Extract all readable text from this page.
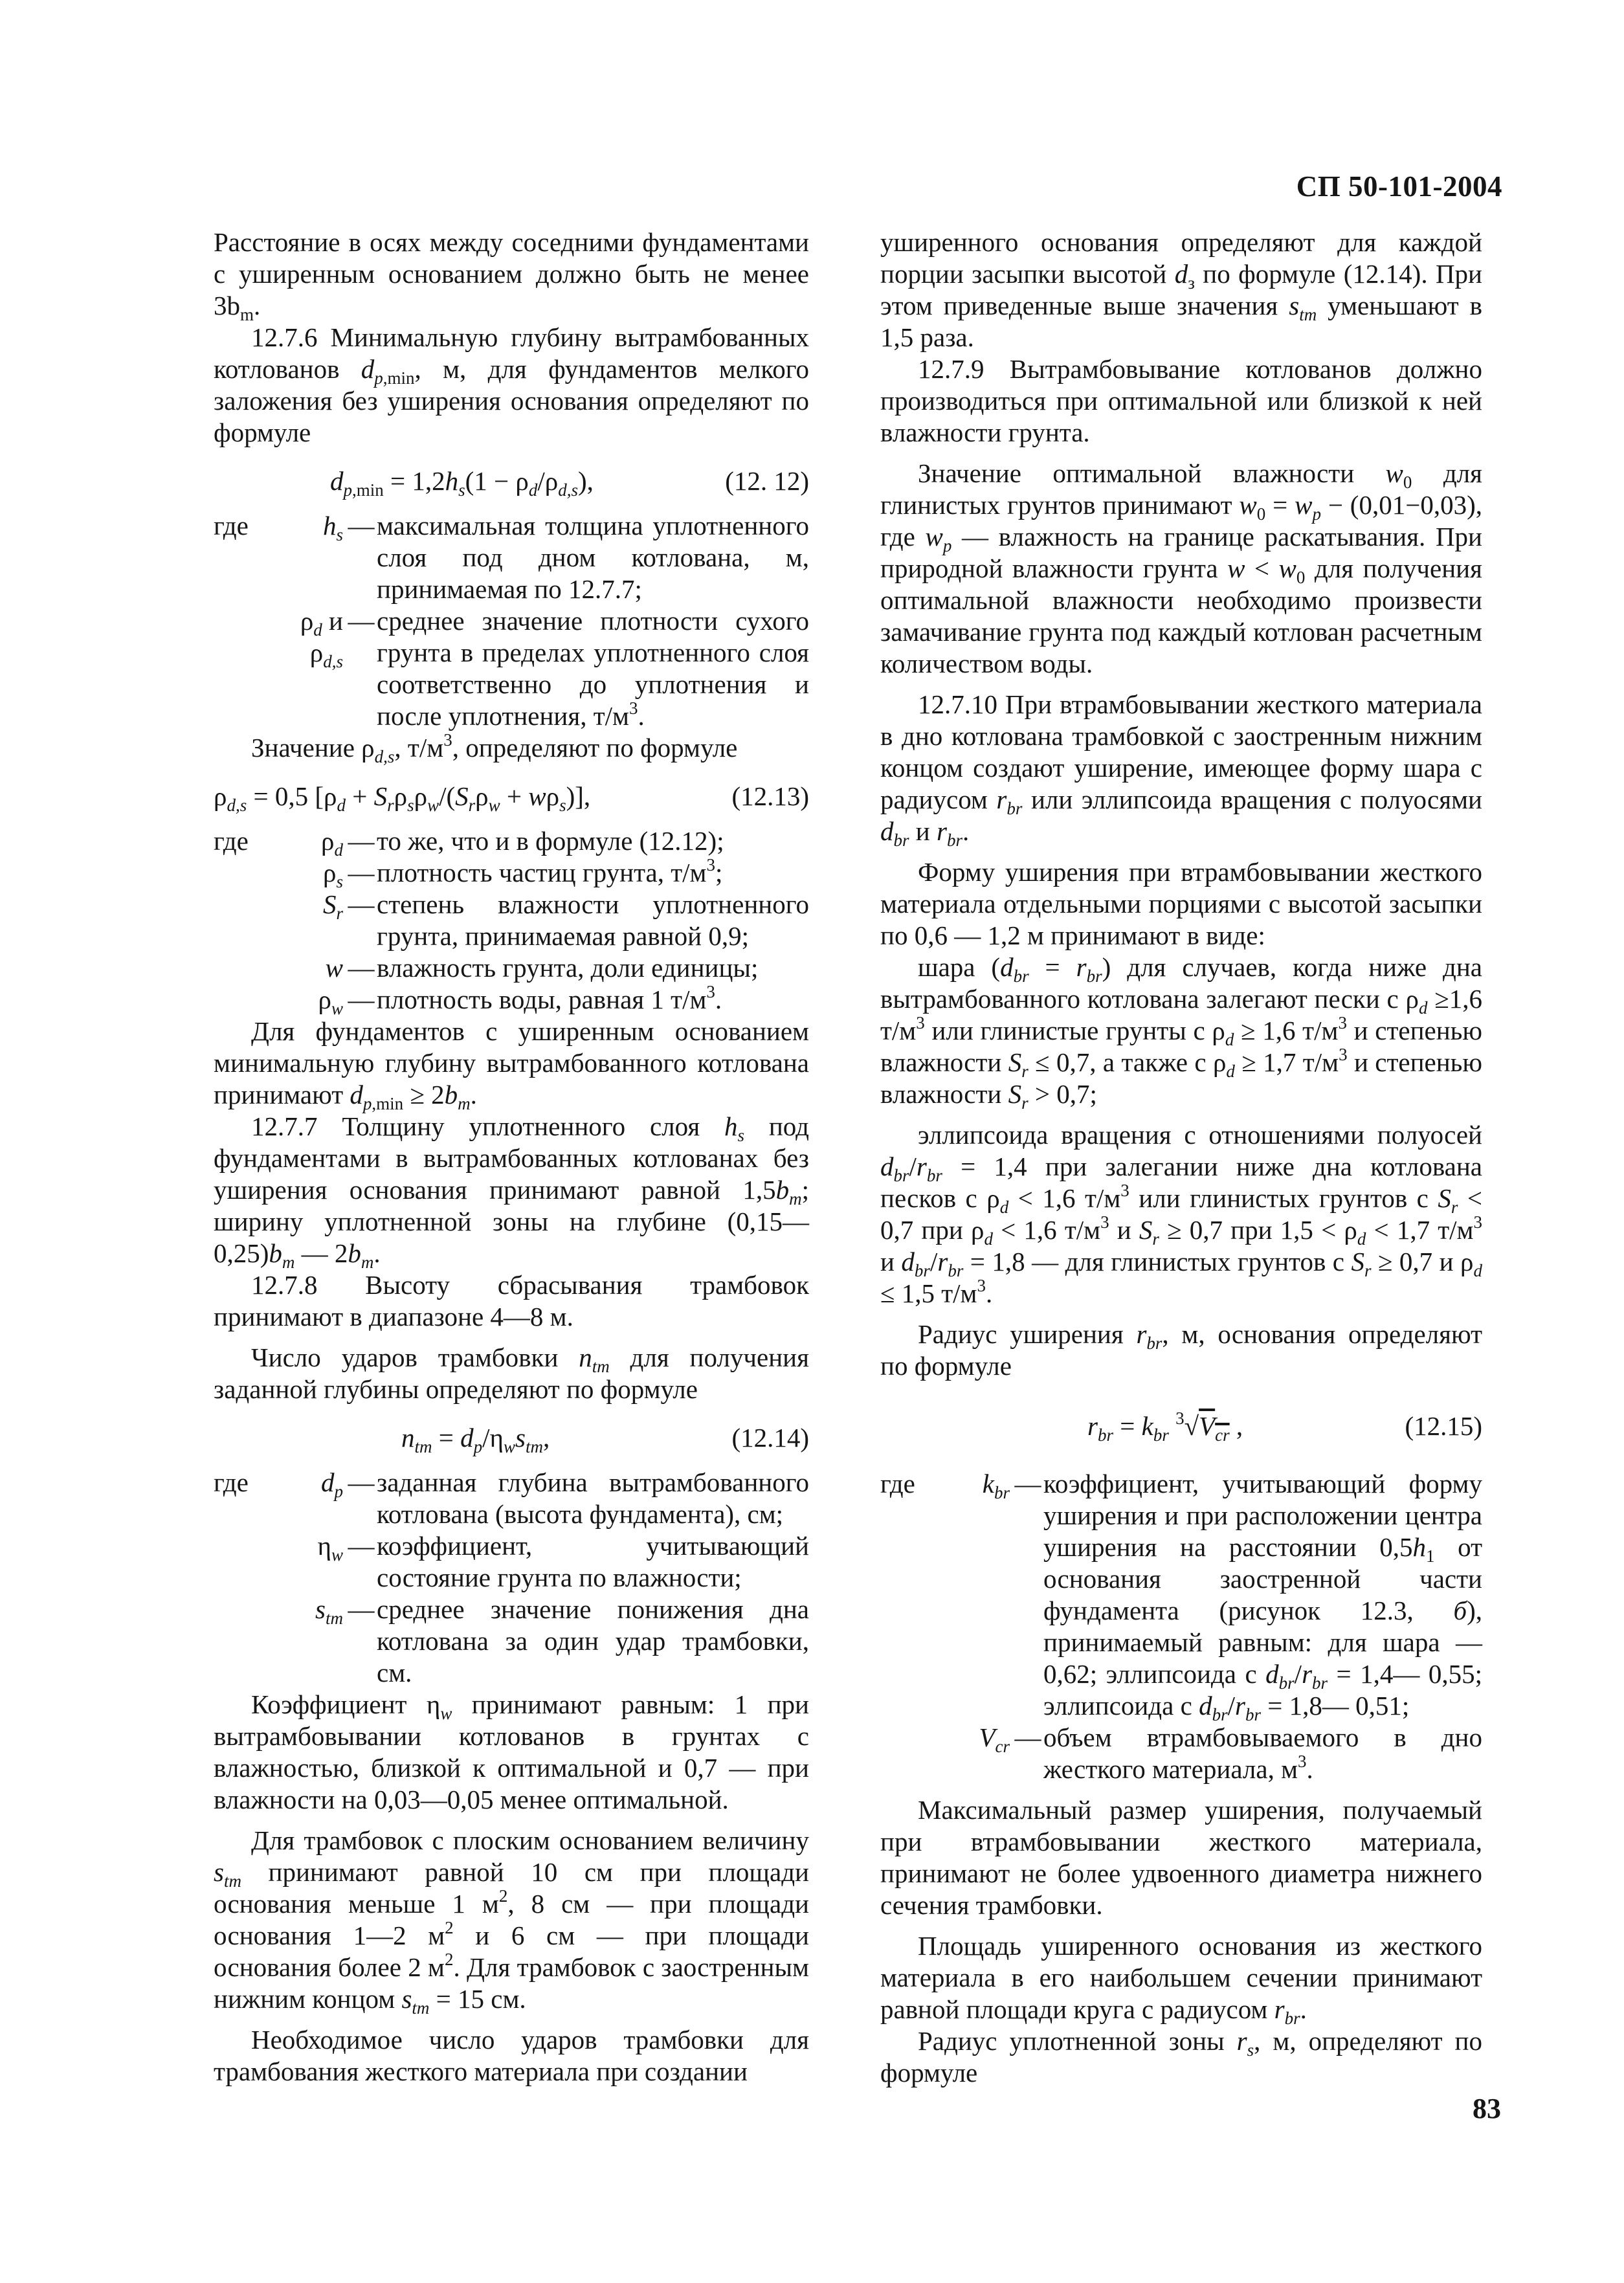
СП 50-101-2004

Расстояние в осях между соседними фундаментами с уширенным основанием должно быть не менее $3b_m$.

12.7.6 Минимальную глубину вытрамбованных котлованов $d_{p,min}$, м, для фундаментов мелкого заложения без уширения основания определяют по формуле

$d_{p,min} = 1,2h_s(1 - \rho_d/\rho_{d,s})$,	(12. 12)
где	$h_s$ — максимальная толщина уплотненного слоя под дном котлована, м, принимаемая по 12.7.7;
$\rho_d$ и $\rho_{d,s}$
— среднее значение плотности сухого грунта в пределах уплотненного слоя соответственно до уплотнения и после уплотнения, $т/м^3$.

Значение $\rho_{d,s}$, $т/м^3$, определяют по формуле

$\rho_{d,s} = 0,5$ $[\rho_d + S_r\rho_s\rho_w/(S_r\rho_w + w\rho_s)]$,	(12.13)
где	$\rho_d$ — то же, что и в формуле (12.12);
$\rho_s$ — плотность частиц грунта, $т/м^3$;
$S_r$ — степень влажности уплотненного грунта, принимаемая равной 0,9;
w — влажность грунта, доли единицы;
$\rho_w$ — плотность воды, равная 1 $т/м^3$.

Для фундаментов с уширенным основанием минимальную глубину вытрамбованного котлована принимают $d_{p,min} \ge 2b_m$.

12.7.7 Толщину уплотненного слоя $h_s$ под фундаментами в вытрамбованных котлованах без уширения основания принимают равной $1,5b_m$; ширину уплотненной зоны на глубине $(0,15—0,25)b_m$ — $2b_m$.

12.7.8 Высоту сбрасывания трамбовок принимают в диапазоне 4—8 м.

Число ударов трамбовки $n_{tm}$ для получения заданной глубины определяют по формуле

$n_{tm} = d_p/\eta_ws_{tm}$,	(12.14)
где	$d_p$ — заданная глубина вытрамбованного котлована (высота фундамента), см;
$\eta_w$ — коэффициент, учитывающий состояние грунта по влажности;
$s_{tm}$ — среднее значение понижения дна котлована за один удар трамбовки, см.

Коэффициент $\eta_w$ принимают равным: 1 при вытрамбовывании котлованов в грунтах с влажностью, близкой к оптимальной и 0,7 — при влажности на 0,03—0,05 менее оптимальной.

Для трамбовок с плоским основанием величину $s_{tm}$ принимают равной 10 см при площади основания меньше 1 $м^2$, 8 см — при площади основания 1—2 $м^2$ и 6 см — при площади основания более 2 $м^2$. Для трамбовок с заостренным нижним концом $s_{tm} = 15$ см.

Необходимое число ударов трамбовки для трамбования жесткого материала при создании

уширенного основания определяют для каждой порции засыпки высотой $d_з$ по формуле (12.14). При этом приведенные выше значения $s_{tm}$ уменьшают в 1,5 раза.

12.7.9 Вытрамбовывание котлованов должно производиться при оптимальной или близкой к ней влажности грунта.

Значение оптимальной влажности $w_0$ для глинистых грунтов принимают $w_0 = w_p - (0,01-0,03)$, где $w_p$ — влажность на границе раскатывания. При природной влажности грунта $w < w_0$ для получения оптимальной влажности необходимо произвести замачивание грунта под каждый котлован расчетным количеством воды.

12.7.10 При втрамбовывании жесткого материала в дно котлована трамбовкой с заостренным нижним концом создают уширение, имеющее форму шара с радиусом $r_{br}$ или эллипсоида вращения с полуосями $d_{br}$ и $r_{br}$.

Форму уширения при втрамбовывании жесткого материала отдельными порциями с высотой засыпки по 0,6 — 1,2 м принимают в виде:

шара $(d_{br} = r_{br})$ для случаев, когда ниже дна вытрамбованного котлована залегают пески с $\rho_d \ge 1,6$ $т/м^3$ или глинистые грунты с $\rho_d \ge 1,6$ $т/м^3$ и степенью влажности $S_r \le 0,7$, а также с $\rho_d \ge 1,7$ $т/м^3$ и степенью влажности $S_r > 0,7$;

эллипсоида вращения с отношениями полуосей $d_{br}/r_{br} = 1,4$ при залегании ниже дна котлована песков с $\rho_d < 1,6$ $т/м^3$ или глинистых грунтов с $S_r < 0,7$ при $\rho_d < 1,6$ $т/м^3$ и $S_r \ge 0,7$ при $1,5 < \rho_d < 1,7$ $т/м^3$ и $d_{br}/r_{br} = 1,8$ — для глинистых грунтов с $S_r \ge 0,7$ и $\rho_d \le 1,5$ $т/м^3$.

Радиус уширения $r_{br}$, м, основания определяют по формуле

$r_{br} = k_{br}$ $^3√V_{cr}$ ,	(12.15)
где	$k_{br}$ — коэффициент, учитывающий форму уширения и при расположении центра уширения на расстоянии $0,5h_1$ от основания заостренной части фундамента (рисунок 12.3, б), принимаемый равным: для шара — 0,62; эллипсоида с $d_{br}/r_{br}$ = 1,4— 0,55; эллипсоида с $d_{br}/r_{br}$ = 1,8— 0,51;
$V_{cr}$ — объем втрамбовываемого в дно жесткого материала, $м^3$.

Максимальный размер уширения, получаемый при втрамбовывании жесткого материала, принимают не более удвоенного диаметра нижнего сечения трамбовки.

Площадь уширенного основания из жесткого материала в его наибольшем сечении принимают равной площади круга с радиусом $r_{br}$.

Радиус уплотненной зоны $r_s$, м, определяют по формуле

83
